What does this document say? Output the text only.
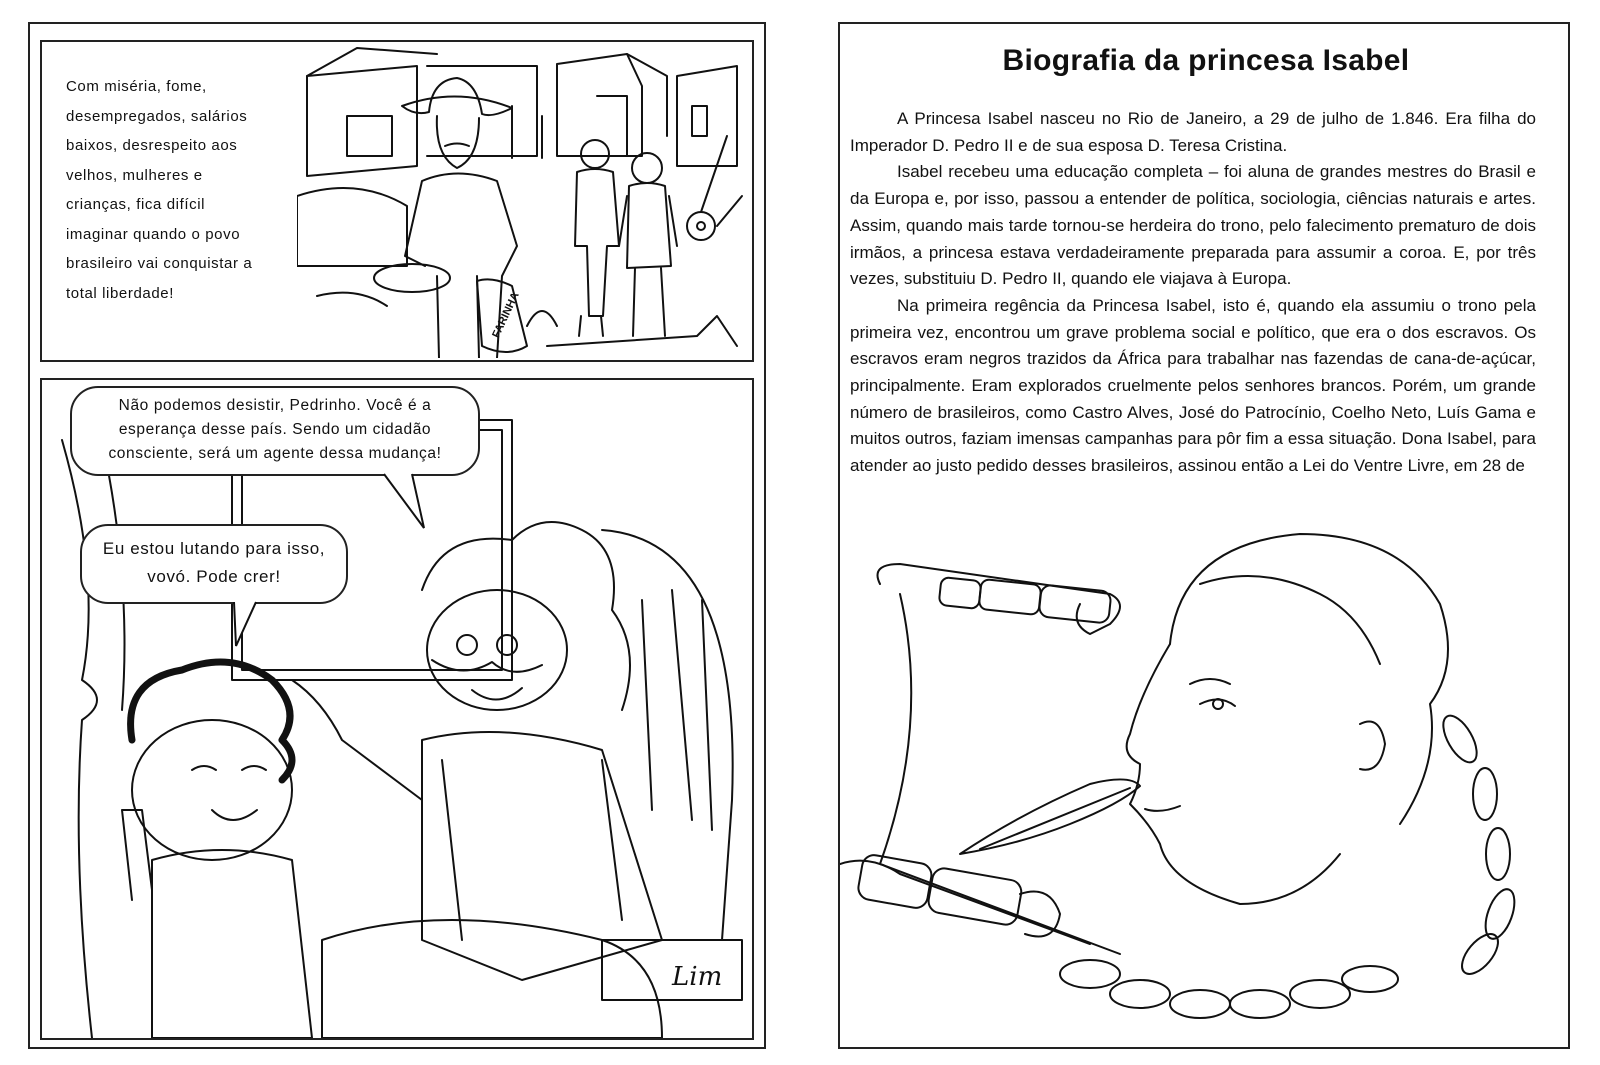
Com miséria, fome,
desempregados, salários
baixos, desrespeito aos
velhos, mulheres e
crianças, fica difícil
imaginar quando o povo
brasileiro vai conquistar a
total liberdade!	FARINHA
Lim
Não podemos desistir, Pedrinho. Você é a
esperança desse país. Sendo um cidadão
consciente, será um agente dessa mudança!
Eu estou lutando para isso,
vovó. Pode crer!
Biografia da princesa Isabel

A Princesa Isabel nasceu no Rio de Janeiro, a 29 de julho de 1.846. Era filha do Imperador D. Pedro II e de sua esposa D. Teresa Cristina.

Isabel recebeu uma educação completa – foi aluna de grandes mestres do Brasil e da Europa e, por isso, passou a entender de política, sociologia, ciências naturais e artes. Assim, quando mais tarde tornou-se herdeira do trono, pelo falecimento prematuro de dois irmãos, a princesa estava verdadeiramente preparada para assumir a coroa. E, por três vezes, substituiu D. Pedro II, quando ele viajava à Europa.

Na primeira regência da Princesa Isabel, isto é, quando ela assumiu o trono pela primeira vez, encontrou um grave problema social e político, que era o dos escravos. Os escravos eram negros trazidos da África para trabalhar nas fazendas de cana-de-açúcar, principalmente. Eram explorados cruelmente pelos senhores brancos. Porém, um grande número de brasileiros, como Castro Alves, José do Patrocínio, Coelho Neto, Luís Gama e muitos outros, faziam imensas campanhas para pôr fim a essa situação. Dona Isabel, para atender ao justo pedido desses brasileiros, assinou então a Lei do Ventre Livre, em 28 de
